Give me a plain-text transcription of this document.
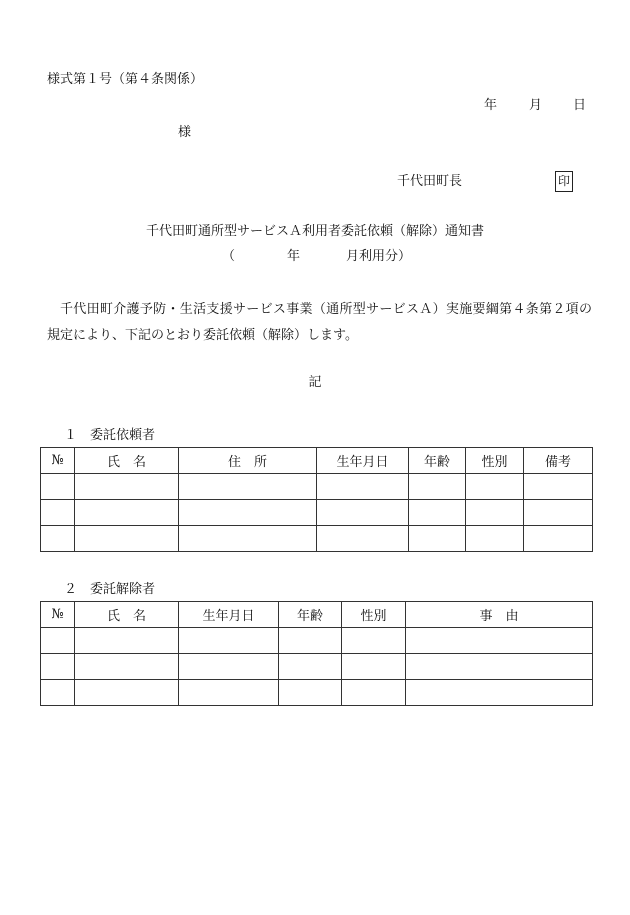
様式第１号（第４条関係）
年 月 日
様
千代田町長	印
千代田町通所型サービスＡ利用者委託依頼（解除）通知書
（	年	月利用分）
千代田町介護予防・生活支援サービス事業（通所型サービスＡ）実施要綱第４条第２項の規定により、下記のとおり委託依頼（解除）します。
記
１　委託依頼者
№	氏　名	住　所	生年月日	年齢	性別	備考

２　委託解除者
№	氏　名	生年月日	年齢	性別	事　由
